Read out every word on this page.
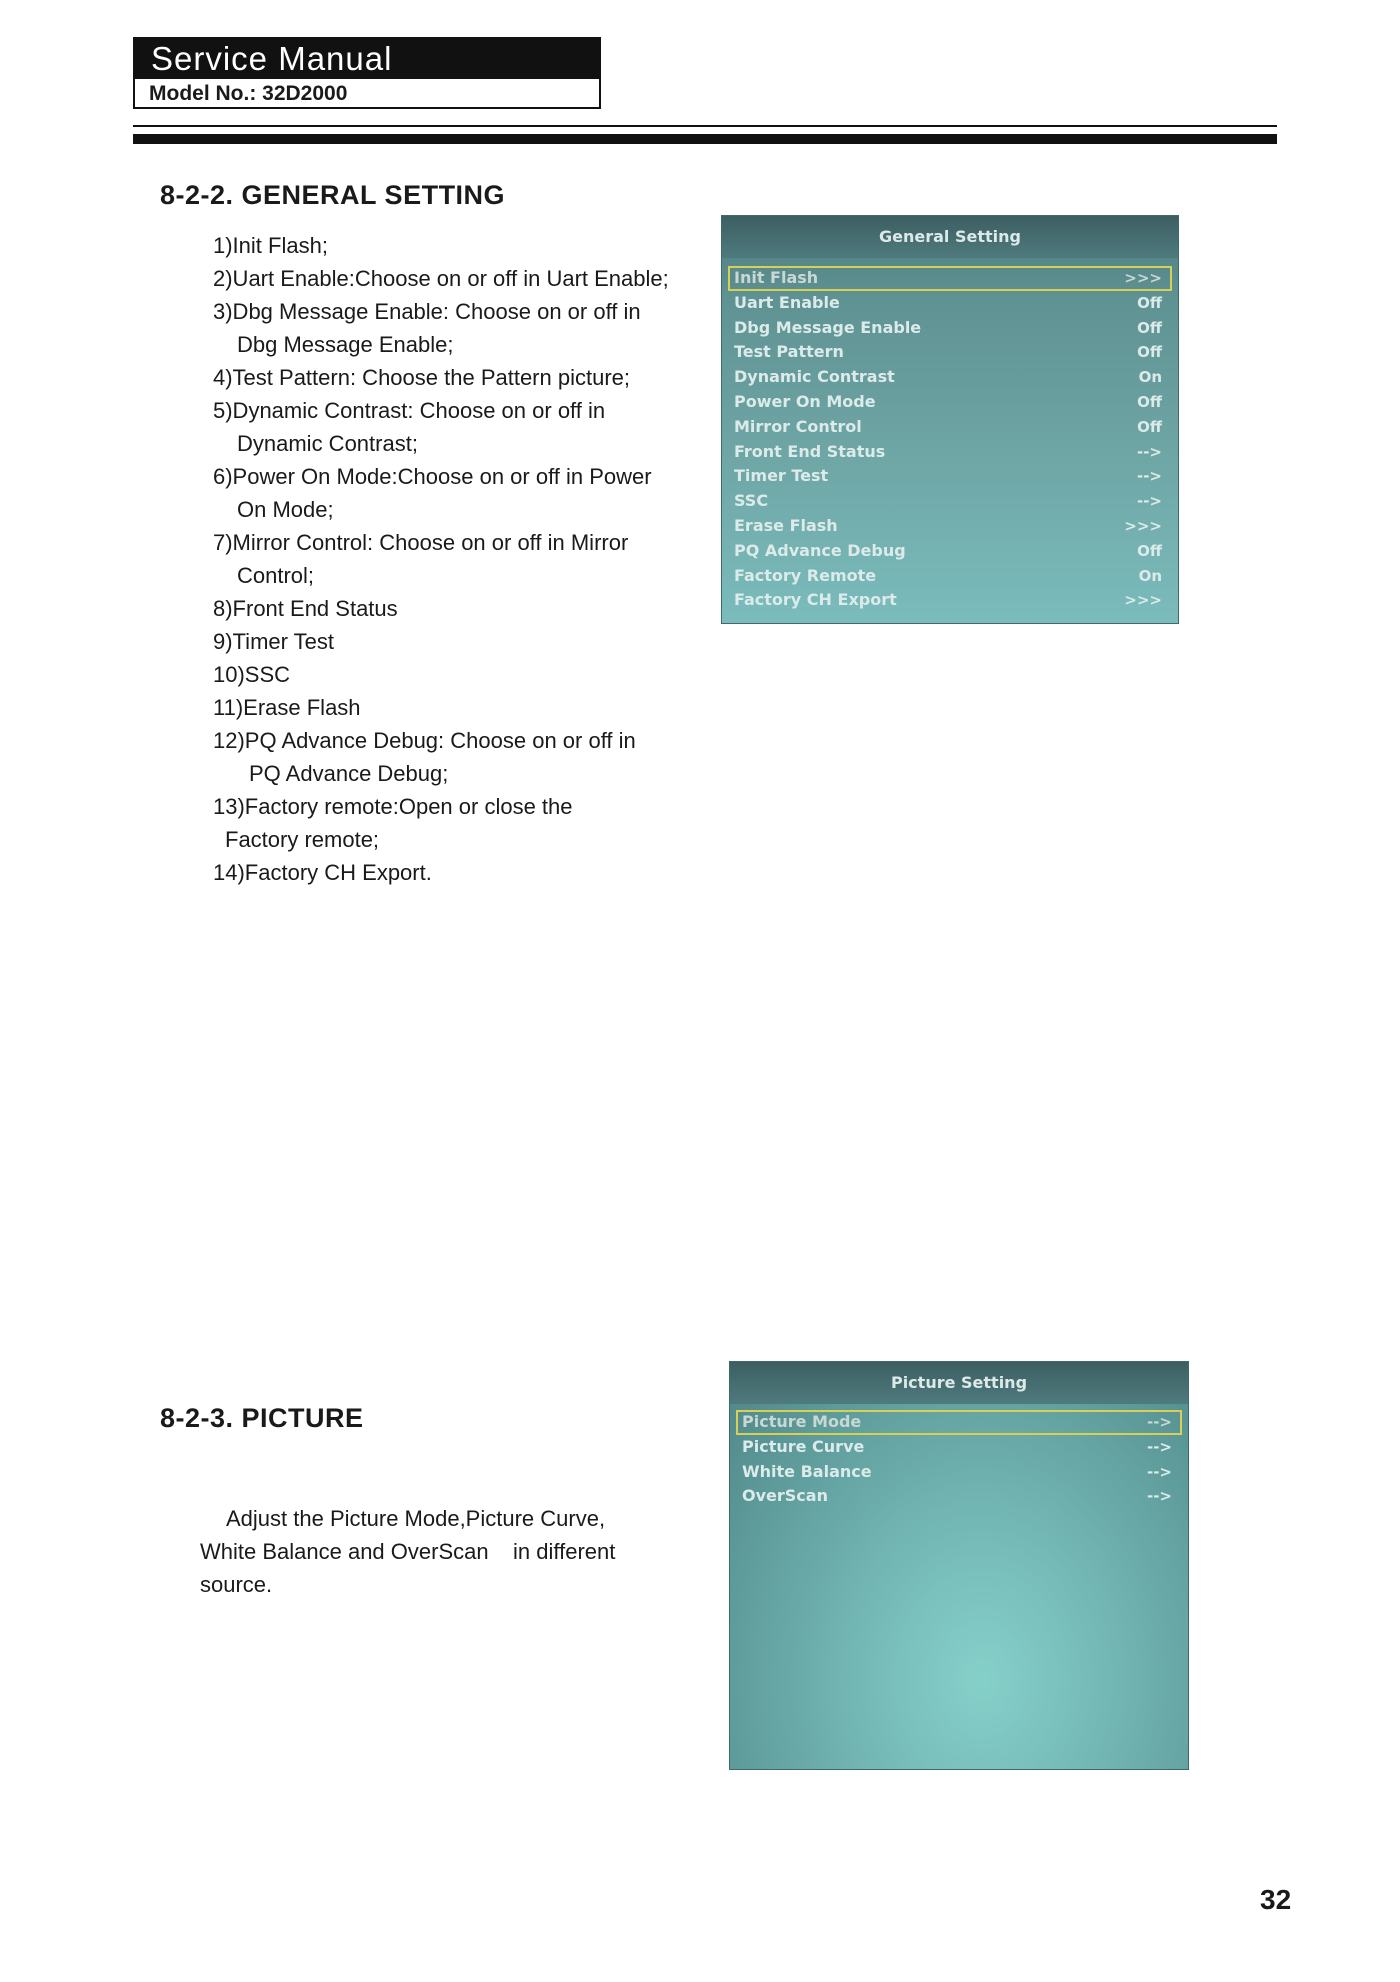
Service Manual
Model No.: 32D2000
8-2-2. GENERAL SETTING
1)Init Flash;
2)Uart Enable:Choose on or off in Uart Enable;
3)Dbg Message Enable: Choose on or off in
Dbg Message Enable;
4)Test Pattern: Choose the Pattern picture;
5)Dynamic Contrast: Choose on or off in
Dynamic Contrast;
6)Power On Mode:Choose on or off in Power
On Mode;
7)Mirror Control: Choose on or off in Mirror
Control;
8)Front End Status
9)Timer Test
10)SSC
11)Erase Flash
12)PQ Advance Debug: Choose on or off in
PQ Advance Debug;
13)Factory remote:Open or close the
Factory remote;
14)Factory CH Export.
General Setting
Init Flash	>>>
Uart Enable	Off
Dbg Message Enable	Off
Test Pattern	Off
Dynamic Contrast	On
Power On Mode	Off
Mirror Control	Off
Front End Status	-->
Timer Test	-->
SSC	-->
Erase Flash	>>>
PQ Advance Debug	Off
Factory Remote	On
Factory CH Export	>>>
8-2-3. PICTURE

Adjust the Picture Mode,Picture Curve,
White Balance and OverScan    in different
source.

Picture Setting
Picture Mode	-->
Picture Curve	-->
White Balance	-->
OverScan	-->
32
